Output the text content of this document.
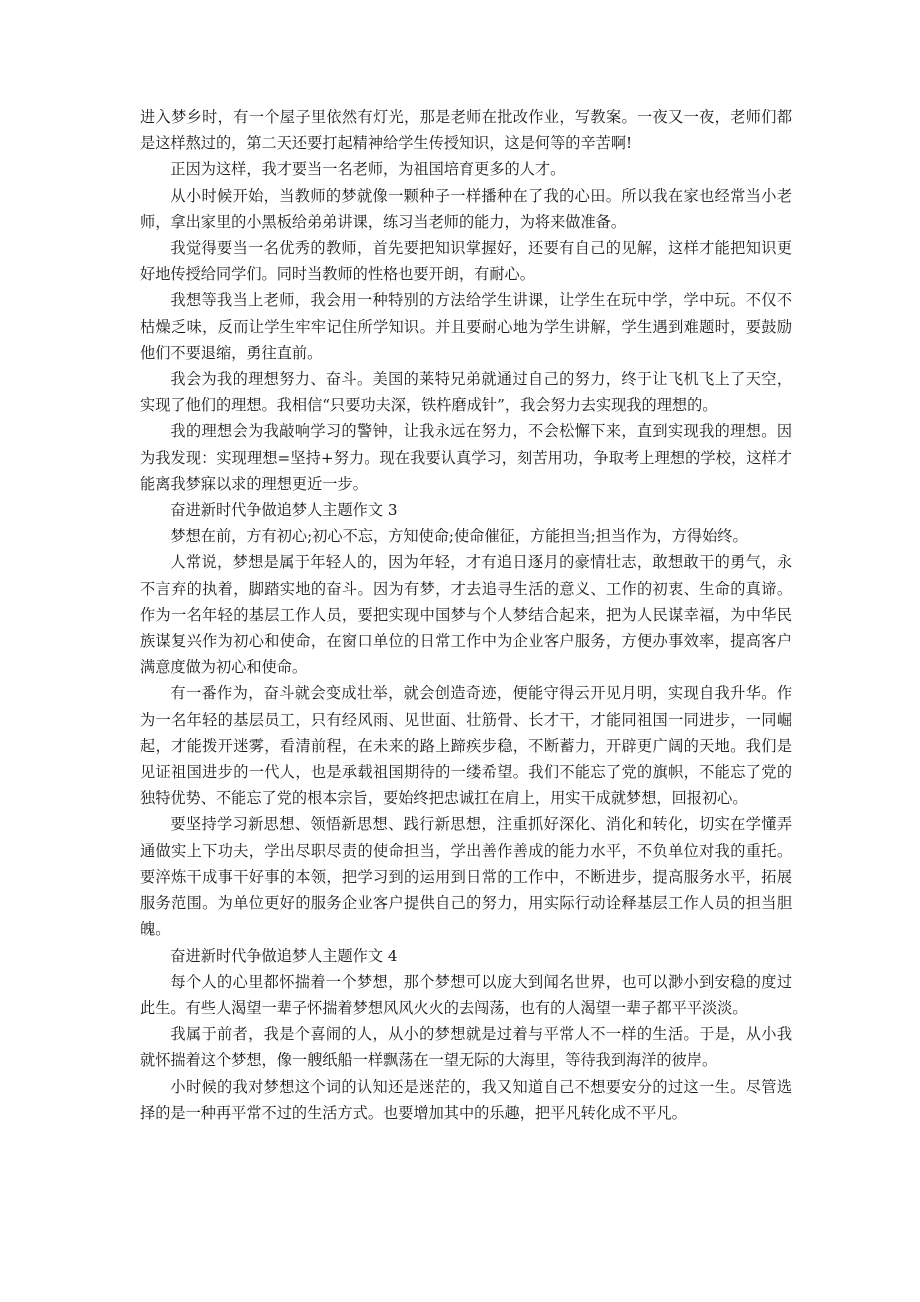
进入梦乡时，有一个屋子里依然有灯光，那是老师在批改作业，写教案。一夜又一夜，老师们都是这样熬过的，第二天还要打起精神给学生传授知识，这是何等的辛苦啊!

正因为这样，我才要当一名老师，为祖国培育更多的人才。

从小时候开始，当教师的梦就像一颗种子一样播种在了我的心田。所以我在家也经常当小老师，拿出家里的小黑板给弟弟讲课，练习当老师的能力，为将来做准备。

我觉得要当一名优秀的教师，首先要把知识掌握好，还要有自己的见解，这样才能把知识更好地传授给同学们。同时当教师的性格也要开朗，有耐心。

我想等我当上老师，我会用一种特别的方法给学生讲课，让学生在玩中学，学中玩。不仅不枯燥乏味，反而让学生牢牢记住所学知识。并且要耐心地为学生讲解，学生遇到难题时，要鼓励他们不要退缩，勇往直前。

我会为我的理想努力、奋斗。美国的莱特兄弟就通过自己的努力，终于让飞机飞上了天空，实现了他们的理想。我相信“只要功夫深，铁杵磨成针”，我会努力去实现我的理想的。

我的理想会为我敲响学习的警钟，让我永远在努力，不会松懈下来，直到实现我的理想。因为我发现：实现理想=坚持+努力。现在我要认真学习，刻苦用功，争取考上理想的学校，这样才能离我梦寐以求的理想更近一步。

奋进新时代争做追梦人主题作文 3

梦想在前，方有初心;初心不忘，方知使命;使命催征，方能担当;担当作为，方得始终。

人常说，梦想是属于年轻人的，因为年轻，才有追日逐月的豪情壮志，敢想敢干的勇气，永不言弃的执着，脚踏实地的奋斗。因为有梦，才去追寻生活的意义、工作的初衷、生命的真谛。作为一名年轻的基层工作人员，要把实现中国梦与个人梦结合起来，把为人民谋幸福，为中华民族谋复兴作为初心和使命，在窗口单位的日常工作中为企业客户服务，方便办事效率，提高客户满意度做为初心和使命。

有一番作为，奋斗就会变成壮举，就会创造奇迹，便能守得云开见月明，实现自我升华。作为一名年轻的基层员工，只有经风雨、见世面、壮筋骨、长才干，才能同祖国一同进步，一同崛起，才能拨开迷雾，看清前程，在未来的路上蹄疾步稳，不断蓄力，开辟更广阔的天地。我们是见证祖国进步的一代人，也是承载祖国期待的一缕希望。我们不能忘了党的旗帜，不能忘了党的独特优势、不能忘了党的根本宗旨，要始终把忠诚扛在肩上，用实干成就梦想，回报初心。

要坚持学习新思想、领悟新思想、践行新思想，注重抓好深化、消化和转化，切实在学懂弄通做实上下功夫，学出尽职尽责的使命担当，学出善作善成的能力水平，不负单位对我的重托。要淬炼干成事干好事的本领，把学习到的运用到日常的工作中，不断进步，提高服务水平，拓展服务范围。为单位更好的服务企业客户提供自己的努力，用实际行动诠释基层工作人员的担当胆魄。

奋进新时代争做追梦人主题作文 4

每个人的心里都怀揣着一个梦想，那个梦想可以庞大到闻名世界，也可以渺小到安稳的度过此生。有些人渴望一辈子怀揣着梦想风风火火的去闯荡，也有的人渴望一辈子都平平淡淡。

我属于前者，我是个喜闹的人，从小的梦想就是过着与平常人不一样的生活。于是，从小我就怀揣着这个梦想，像一艘纸船一样飘荡在一望无际的大海里，等待我到海洋的彼岸。

小时候的我对梦想这个词的认知还是迷茫的，我又知道自己不想要安分的过这一生。尽管选择的是一种再平常不过的生活方式。也要增加其中的乐趣，把平凡转化成不平凡。
